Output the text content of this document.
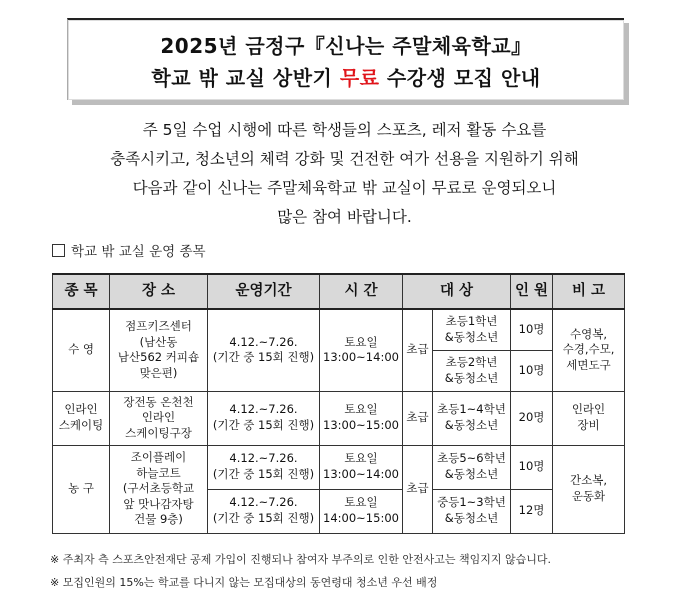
2025년 금정구『신나는 주말체육학교』
학교 밖 교실 상반기 무료 수강생 모집 안내
주 5일 수업 시행에 따른 학생들의 스포츠, 레저 활동 수요를
충족시키고, 청소년의 체력 강화 및 건전한 여가 선용을 지원하기 위해
다음과 같이 신나는 주말체육학교 밖 교실이 무료로 운영되오니
많은 참여 바랍니다.
학교 밖 교실 운영 종목
종 목	장 소	운영기간	시 간	대 상		인 원	비 고
수 영	점프키즈센터
(남산동
남산562 커피숍
맞은편)	4.12.~7.26.
(기간 중 15회 진행)	토요일
13:00~14:00	초급	초등1학년
&동청소년	10명	수영복,
수경,수모,
세면도구
					초등2학년
&동청소년	10명	
인라인
스케이팅	장전동 온천천
인라인
스케이팅구장	4.12.~7.26.
(기간 중 15회 진행)	토요일
13:00~15:00	초급	초등1~4학년
&동청소년	20명	인라인
장비
농 구	조이플레이
하늘코트
(구서초등학교
앞 맛나감자탕
건물 9층)	4.12.~7.26.
(기간 중 15회 진행)	토요일
13:00~14:00	초급	초등5~6학년
&동청소년	10명	간소복,
운동화
		4.12.~7.26.
(기간 중 15회 진행)	토요일
14:00~15:00		중등1~3학년
&동청소년	12명	
※ 주최자 측 스포츠안전재단 공제 가입이 진행되나 참여자 부주의로 인한 안전사고는 책임지지 않습니다.
※ 모집인원의 15%는 학교를 다니지 않는 모집대상의 동연령대 청소년 우선 배정
